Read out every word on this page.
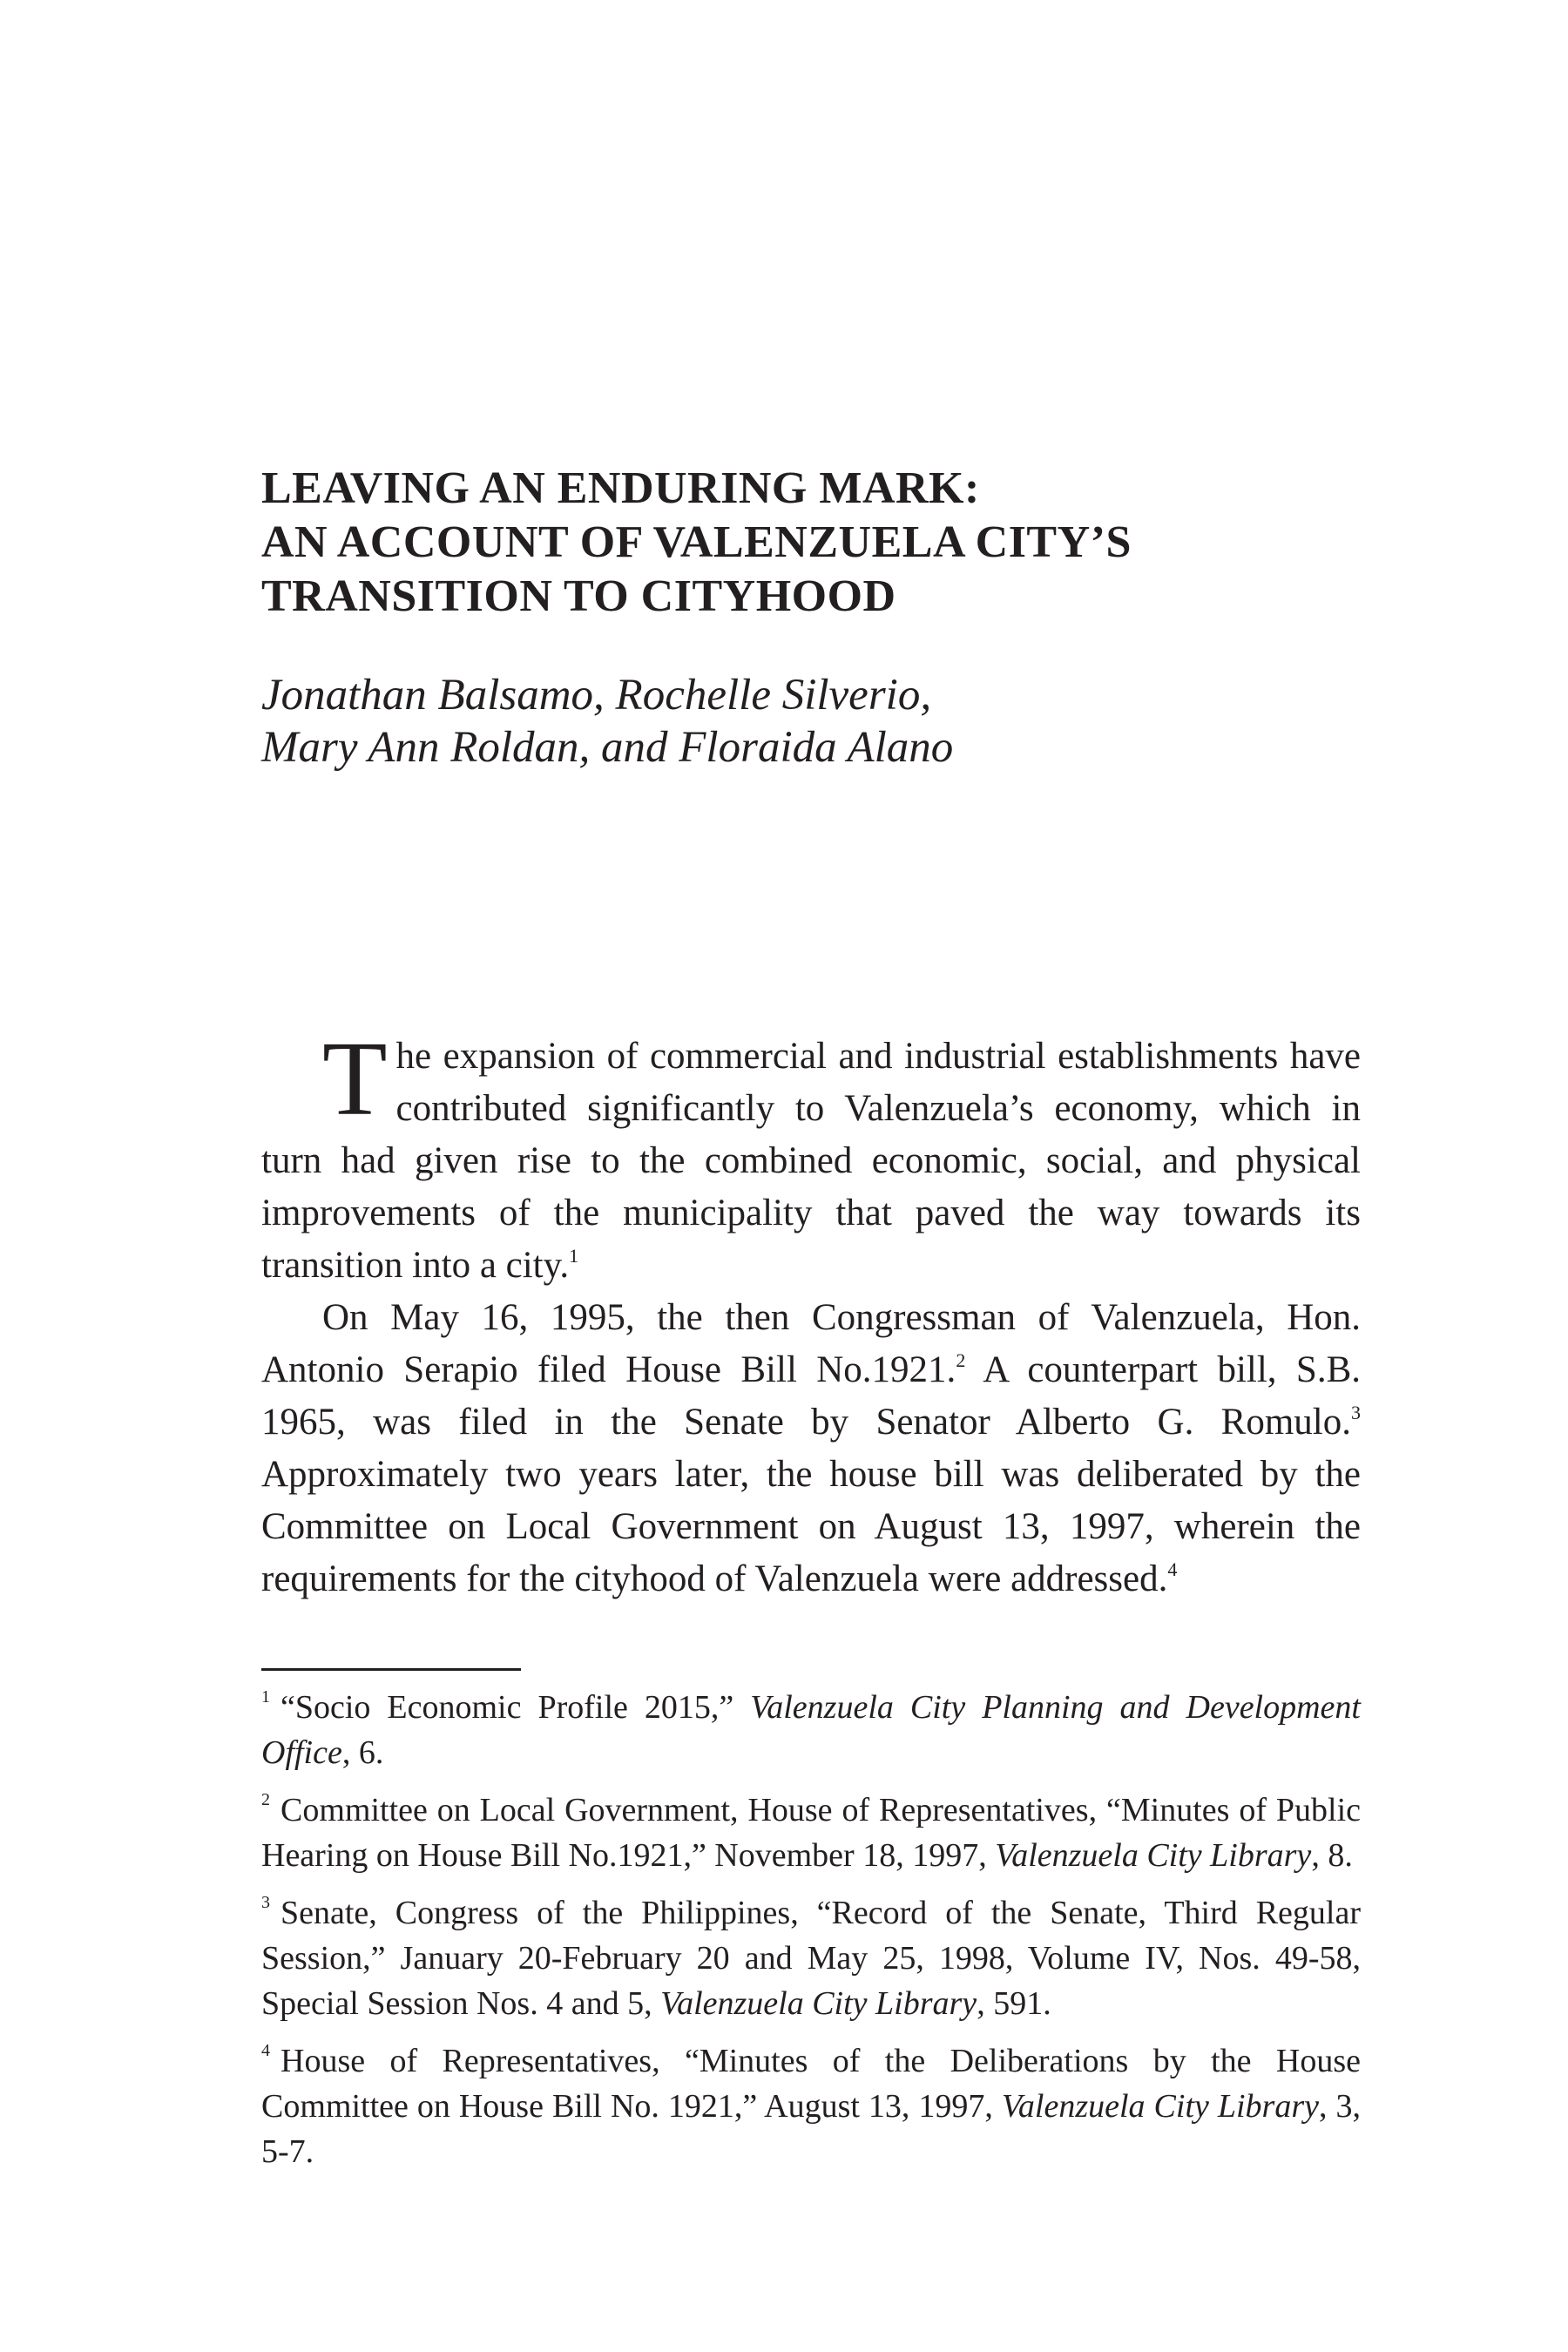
LEAVING AN ENDURING MARK:
AN ACCOUNT OF VALENZUELA CITY’S
TRANSITION TO CITYHOOD
Jonathan Balsamo, Rochelle Silverio,
Mary Ann Roldan, and Floraida Alano

The expansion of commercial and industrial establishments have contributed significantly to Valenzuela’s economy, which in turn had given rise to the combined economic, social, and physical improvements of the municipality that paved the way towards its transition into a city.$^1$

On May 16, 1995, the then Congressman of Valenzuela, Hon. Antonio Serapio filed House Bill No.1921.$^2$ A counterpart bill, S.B. 1965, was filed in the Senate by Senator Alberto G. Romulo.$^3$ Approximately two years later, the house bill was deliberated by the Committee on Local Government on August 13, 1997, wherein the requirements for the cityhood of Valenzuela were addressed.$^4$

$^1$ “Socio Economic Profile 2015,” Valenzuela City Planning and Development Office, 6.

$^2$ Committee on Local Government, House of Representatives, “Minutes of Public Hearing on House Bill No.1921,” November 18, 1997, Valenzuela City Library, 8.

$^3$ Senate, Congress of the Philippines, “Record of the Senate, Third Regular Session,” January 20-February 20 and May 25, 1998, Volume IV, Nos. 49-58, Special Session Nos. 4 and 5, Valenzuela City Library, 591.

$^4$ House of Representatives, “Minutes of the Deliberations by the House Committee on House Bill No. 1921,” August 13, 1997, Valenzuela City Library, 3, 5-7.
